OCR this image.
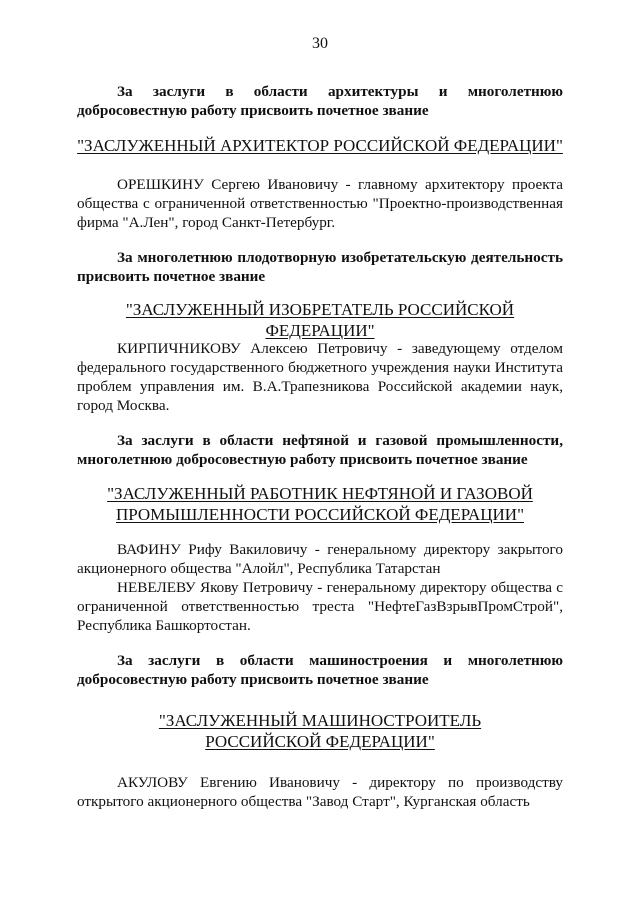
30
За заслуги в области архитектуры и многолетнюю добросовестную работу присвоить почетное звание
"ЗАСЛУЖЕННЫЙ АРХИТЕКТОР РОССИЙСКОЙ ФЕДЕРАЦИИ"
ОРЕШКИНУ Сергею Ивановичу - главному архитектору проекта общества с ограниченной ответственностью "Проектно-производственная фирма "А.Лен", город Санкт-Петербург.
За многолетнюю плодотворную изобретательскую деятельность присвоить почетное звание
"ЗАСЛУЖЕННЫЙ ИЗОБРЕТАТЕЛЬ РОССИЙСКОЙ ФЕДЕРАЦИИ"
КИРПИЧНИКОВУ Алексею Петровичу - заведующему отделом федерального государственного бюджетного учреждения науки Института проблем управления им. В.А.Трапезникова Российской академии наук, город Москва.
За заслуги в области нефтяной и газовой промышленности, многолетнюю добросовестную работу присвоить почетное звание
"ЗАСЛУЖЕННЫЙ РАБОТНИК НЕФТЯНОЙ И ГАЗОВОЙ
ПРОМЫШЛЕННОСТИ РОССИЙСКОЙ ФЕДЕРАЦИИ"
ВАФИНУ Рифу Вакиловичу - генеральному директору закрытого акционерного общества "Алойл", Республика Татарстан
НЕВЕЛЕВУ Якову Петровичу - генеральному директору общества с ограниченной ответственностью треста "НефтеГазВзрывПромСтрой", Республика Башкортостан.
За заслуги в области машиностроения и многолетнюю добросовестную работу присвоить почетное звание
"ЗАСЛУЖЕННЫЙ МАШИНОСТРОИТЕЛЬ
РОССИЙСКОЙ ФЕДЕРАЦИИ"
АКУЛОВУ Евгению Ивановичу - директору по производству открытого акционерного общества "Завод Старт", Курганская область
